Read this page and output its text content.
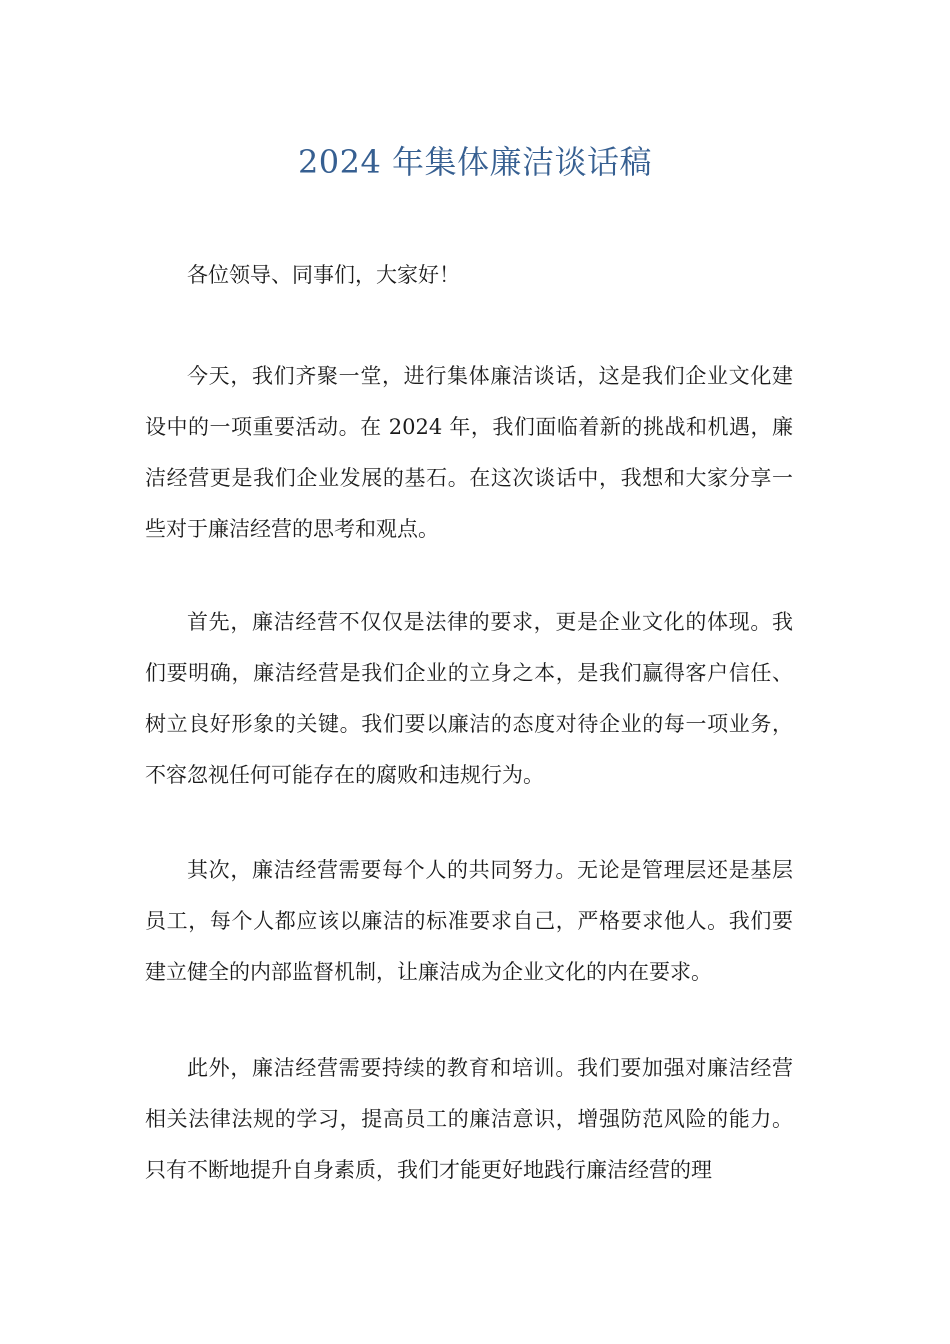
2024 年集体廉洁谈话稿

各位领导、同事们，大家好！

今天，我们齐聚一堂，进行集体廉洁谈话，这是我们企业文化建设中的一项重要活动。在 2024 年，我们面临着新的挑战和机遇，廉洁经营更是我们企业发展的基石。在这次谈话中，我想和大家分享一些对于廉洁经营的思考和观点。

首先，廉洁经营不仅仅是法律的要求，更是企业文化的体现。我们要明确，廉洁经营是我们企业的立身之本，是我们赢得客户信任、树立良好形象的关键。我们要以廉洁的态度对待企业的每一项业务，不容忽视任何可能存在的腐败和违规行为。

其次，廉洁经营需要每个人的共同努力。无论是管理层还是基层员工，每个人都应该以廉洁的标准要求自己，严格要求他人。我们要建立健全的内部监督机制，让廉洁成为企业文化的内在要求。

此外，廉洁经营需要持续的教育和培训。我们要加强对廉洁经营相关法律法规的学习，提高员工的廉洁意识，增强防范风险的能力。只有不断地提升自身素质，我们才能更好地践行廉洁经营的理
